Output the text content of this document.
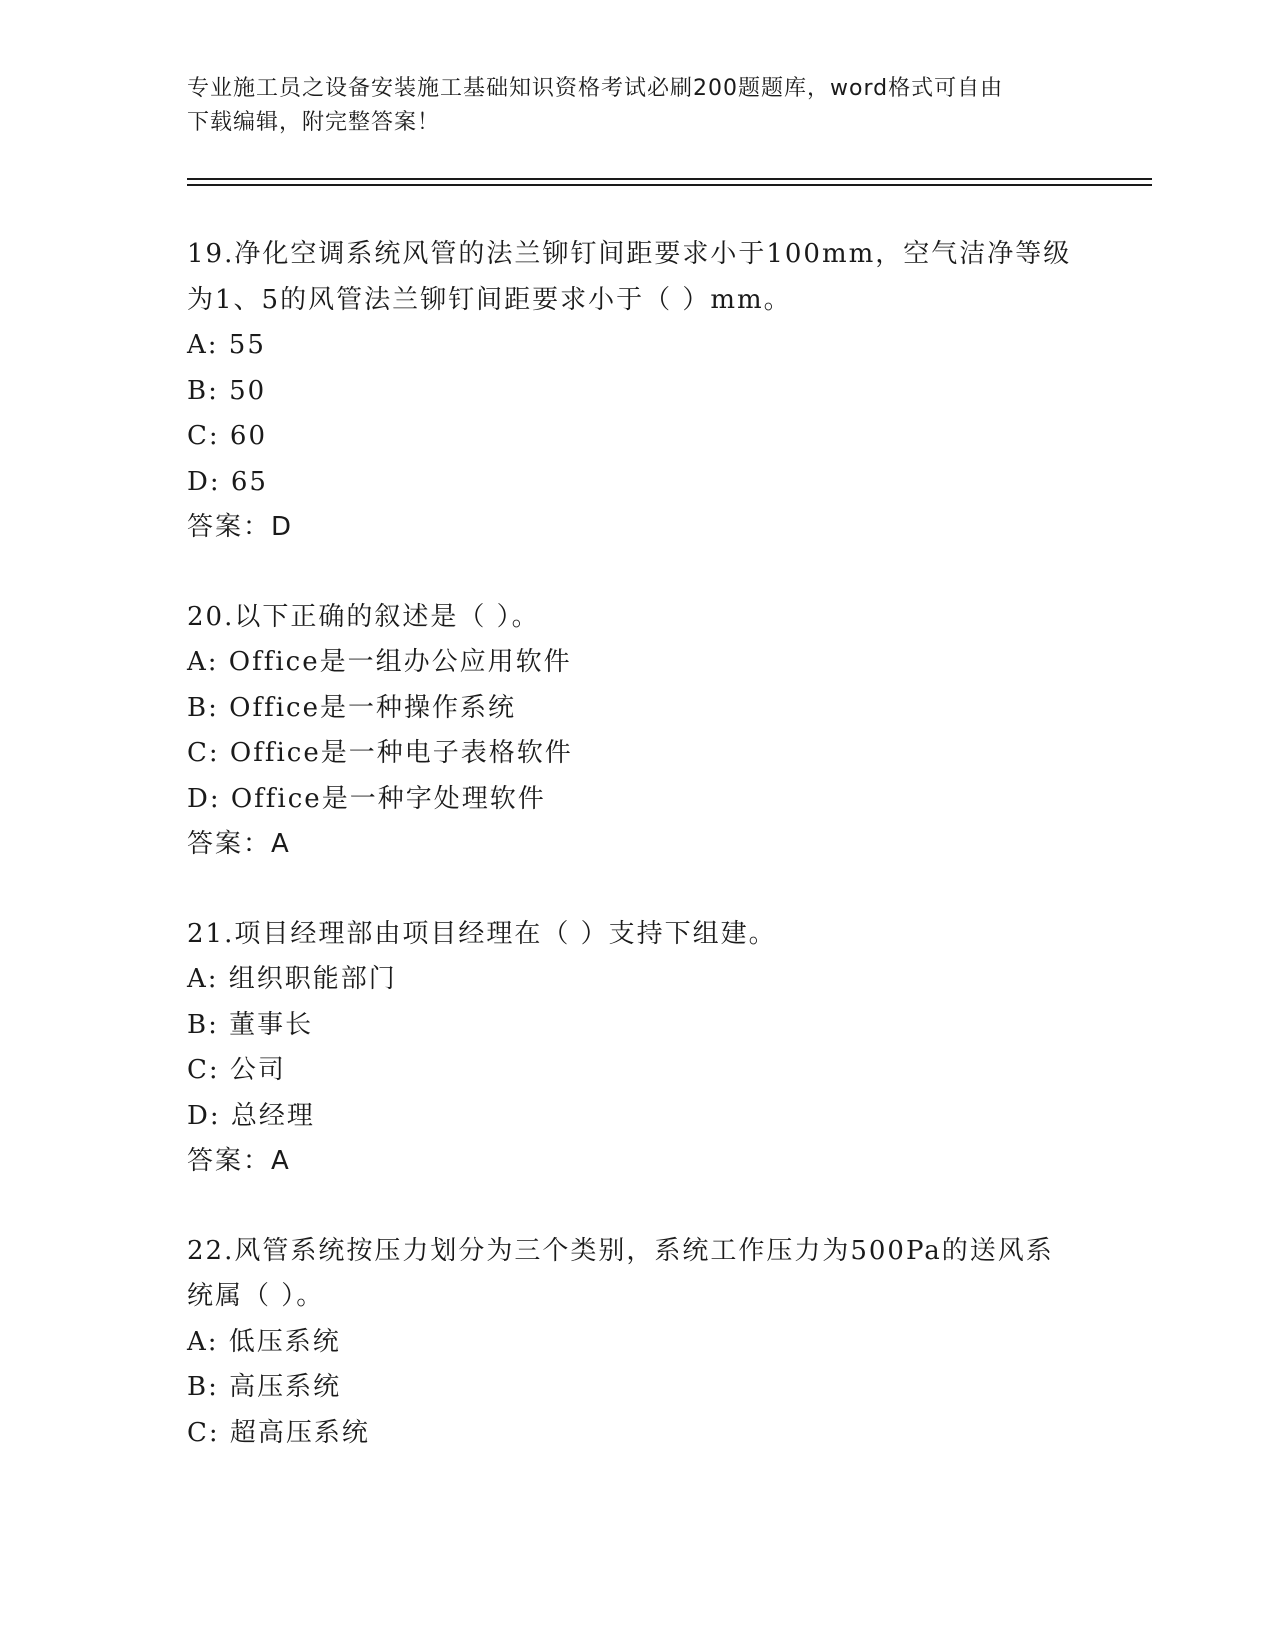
专业施工员之设备安装施工基础知识资格考试必刷200题题库，word格式可自由
下载编辑，附完整答案！
19.净化空调系统风管的法兰铆钉间距要求小于100mm，空气洁净等级
为1、5的风管法兰铆钉间距要求小于（ ）mm。
A: 55
B: 50
C: 60
D: 65
答案：D
20.以下正确的叙述是（ ）。
A: Office是一组办公应用软件
B: Office是一种操作系统
C: Office是一种电子表格软件
D: Office是一种字处理软件
答案：A
21.项目经理部由项目经理在（ ）支持下组建。
A: 组织职能部门
B: 董事长
C: 公司
D: 总经理
答案：A
22.风管系统按压力划分为三个类别，系统工作压力为500Pa的送风系
统属（ ）。
A: 低压系统
B: 高压系统
C: 超高压系统
